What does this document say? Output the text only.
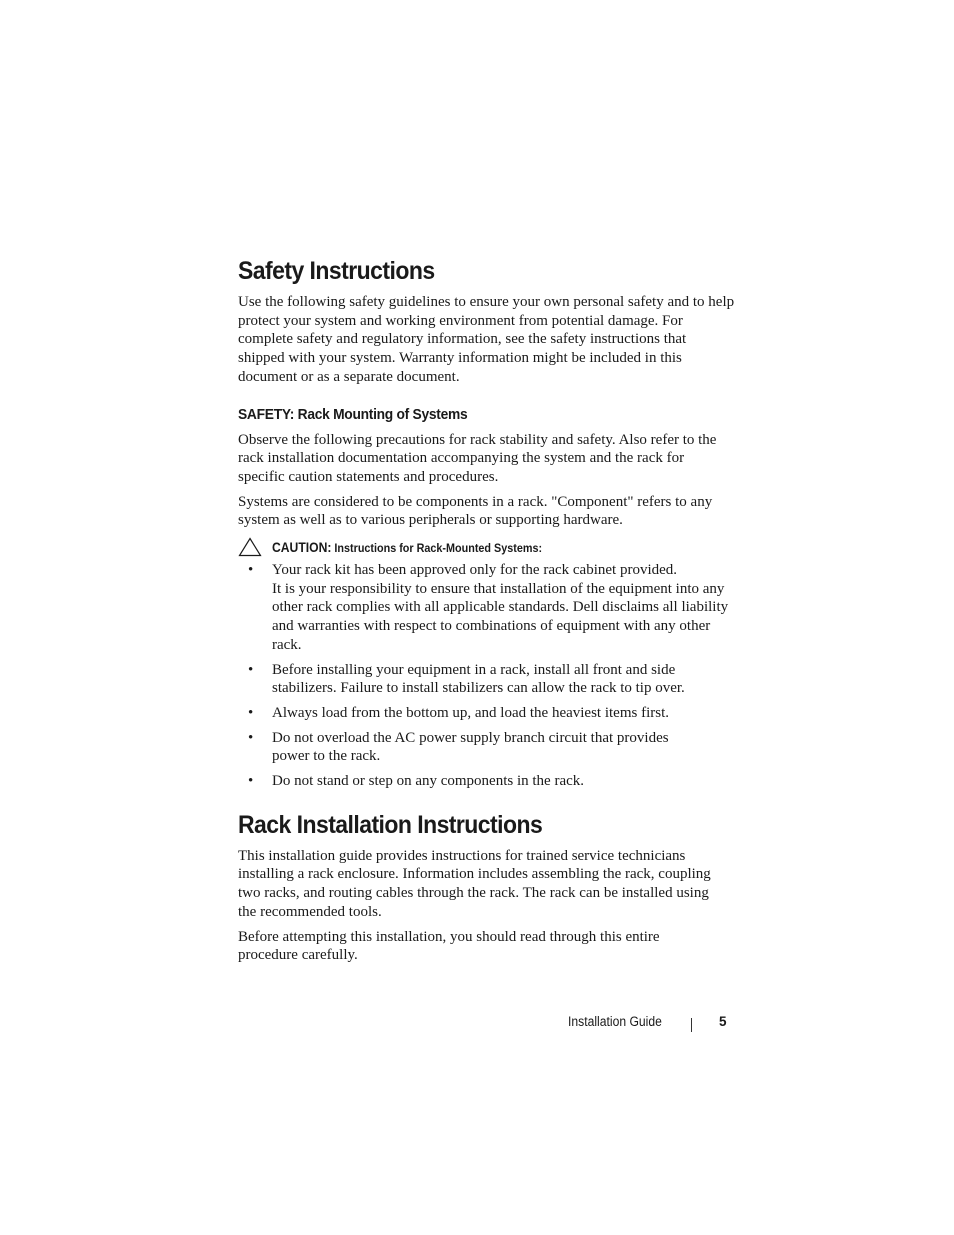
Safety Instructions

Use the following safety guidelines to ensure your own personal safety and to help protect your system and working environment from potential damage. For complete safety and regulatory information, see the safety instructions that shipped with your system. Warranty information might be included in this document or as a separate document.

SAFETY: Rack Mounting of Systems

Observe the following precautions for rack stability and safety. Also refer to the rack installation documentation accompanying the system and the rack for specific caution statements and procedures.

Systems are considered to be components in a rack. "Component" refers to any system as well as to various peripherals or supporting hardware.

CAUTION: Instructions for Rack-Mounted Systems:
• Your rack kit has been approved only for the rack cabinet provided.
It is your responsibility to ensure that installation of the equipment into any other rack complies with all applicable standards. Dell disclaims all liability and warranties with respect to combinations of equipment with any other rack.
• Before installing your equipment in a rack, install all front and side stabilizers. Failure to install stabilizers can allow the rack to tip over.
• Always load from the bottom up, and load the heaviest items first.
• Do not overload the AC power supply branch circuit that provides power to the rack.
• Do not stand or step on any components in the rack.
Rack Installation Instructions

This installation guide provides instructions for trained service technicians installing a rack enclosure. Information includes assembling the rack, coupling two racks, and routing cables through the rack. The rack can be installed using the recommended tools.

Before attempting this installation, you should read through this entire procedure carefully.

Installation Guide	5
